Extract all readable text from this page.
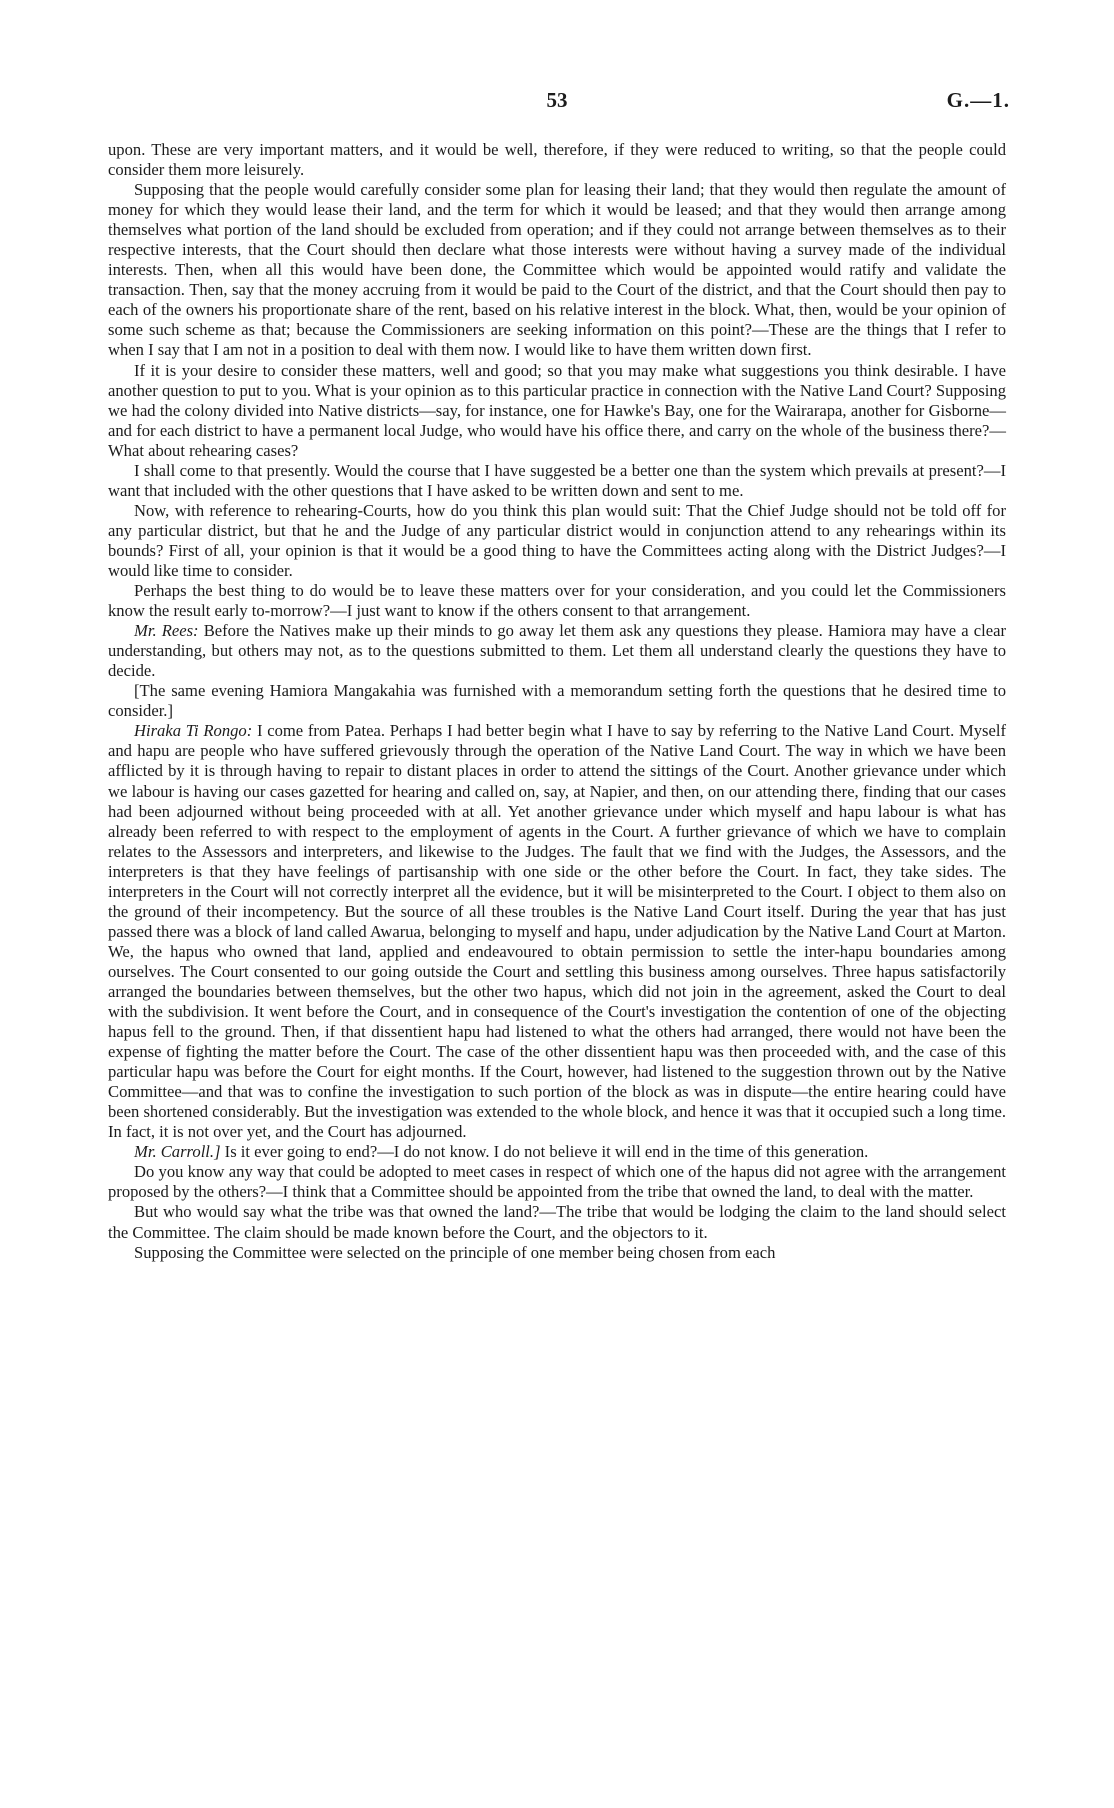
53	G.—1.

upon. These are very important matters, and it would be well, therefore, if they were reduced to writing, so that the people could consider them more leisurely.

Supposing that the people would carefully consider some plan for leasing their land; that they would then regulate the amount of money for which they would lease their land, and the term for which it would be leased; and that they would then arrange among themselves what portion of the land should be excluded from operation; and if they could not arrange between themselves as to their respective interests, that the Court should then declare what those interests were without having a survey made of the individual interests. Then, when all this would have been done, the Committee which would be appointed would ratify and validate the transaction. Then, say that the money accruing from it would be paid to the Court of the district, and that the Court should then pay to each of the owners his proportionate share of the rent, based on his relative interest in the block. What, then, would be your opinion of some such scheme as that; because the Commissioners are seeking information on this point?—These are the things that I refer to when I say that I am not in a position to deal with them now. I would like to have them written down first.

If it is your desire to consider these matters, well and good; so that you may make what suggestions you think desirable. I have another question to put to you. What is your opinion as to this particular practice in connection with the Native Land Court? Supposing we had the colony divided into Native districts—say, for instance, one for Hawke's Bay, one for the Wairarapa, another for Gisborne—and for each district to have a permanent local Judge, who would have his office there, and carry on the whole of the business there?—What about rehearing cases?

I shall come to that presently. Would the course that I have suggested be a better one than the system which prevails at present?—I want that included with the other questions that I have asked to be written down and sent to me.

Now, with reference to rehearing-Courts, how do you think this plan would suit: That the Chief Judge should not be told off for any particular district, but that he and the Judge of any particular district would in conjunction attend to any rehearings within its bounds? First of all, your opinion is that it would be a good thing to have the Committees acting along with the District Judges?—I would like time to consider.

Perhaps the best thing to do would be to leave these matters over for your consideration, and you could let the Commissioners know the result early to-morrow?—I just want to know if the others consent to that arrangement.

Mr. Rees: Before the Natives make up their minds to go away let them ask any questions they please. Hamiora may have a clear understanding, but others may not, as to the questions submitted to them. Let them all understand clearly the questions they have to decide.

[The same evening Hamiora Mangakahia was furnished with a memorandum setting forth the questions that he desired time to consider.]

Hiraka Ti Rongo: I come from Patea. Perhaps I had better begin what I have to say by referring to the Native Land Court. Myself and hapu are people who have suffered grievously through the operation of the Native Land Court. The way in which we have been afflicted by it is through having to repair to distant places in order to attend the sittings of the Court. Another grievance under which we labour is having our cases gazetted for hearing and called on, say, at Napier, and then, on our attending there, finding that our cases had been adjourned without being proceeded with at all. Yet another grievance under which myself and hapu labour is what has already been referred to with respect to the employment of agents in the Court. A further grievance of which we have to complain relates to the Assessors and interpreters, and likewise to the Judges. The fault that we find with the Judges, the Assessors, and the interpreters is that they have feelings of partisanship with one side or the other before the Court. In fact, they take sides. The interpreters in the Court will not correctly interpret all the evidence, but it will be misinterpreted to the Court. I object to them also on the ground of their incompetency. But the source of all these troubles is the Native Land Court itself. During the year that has just passed there was a block of land called Awarua, belonging to myself and hapu, under adjudication by the Native Land Court at Marton. We, the hapus who owned that land, applied and endeavoured to obtain permission to settle the inter-hapu boundaries among ourselves. The Court consented to our going outside the Court and settling this business among ourselves. Three hapus satisfactorily arranged the boundaries between themselves, but the other two hapus, which did not join in the agreement, asked the Court to deal with the subdivision. It went before the Court, and in consequence of the Court's investigation the contention of one of the objecting hapus fell to the ground. Then, if that dissentient hapu had listened to what the others had arranged, there would not have been the expense of fighting the matter before the Court. The case of the other dissentient hapu was then proceeded with, and the case of this particular hapu was before the Court for eight months. If the Court, however, had listened to the suggestion thrown out by the Native Committee—and that was to confine the investigation to such portion of the block as was in dispute—the entire hearing could have been shortened considerably. But the investigation was extended to the whole block, and hence it was that it occupied such a long time. In fact, it is not over yet, and the Court has adjourned.

Mr. Carroll.] Is it ever going to end?—I do not know. I do not believe it will end in the time of this generation.

Do you know any way that could be adopted to meet cases in respect of which one of the hapus did not agree with the arrangement proposed by the others?—I think that a Committee should be appointed from the tribe that owned the land, to deal with the matter.

But who would say what the tribe was that owned the land?—The tribe that would be lodging the claim to the land should select the Committee. The claim should be made known before the Court, and the objectors to it.

Supposing the Committee were selected on the principle of one member being chosen from each
